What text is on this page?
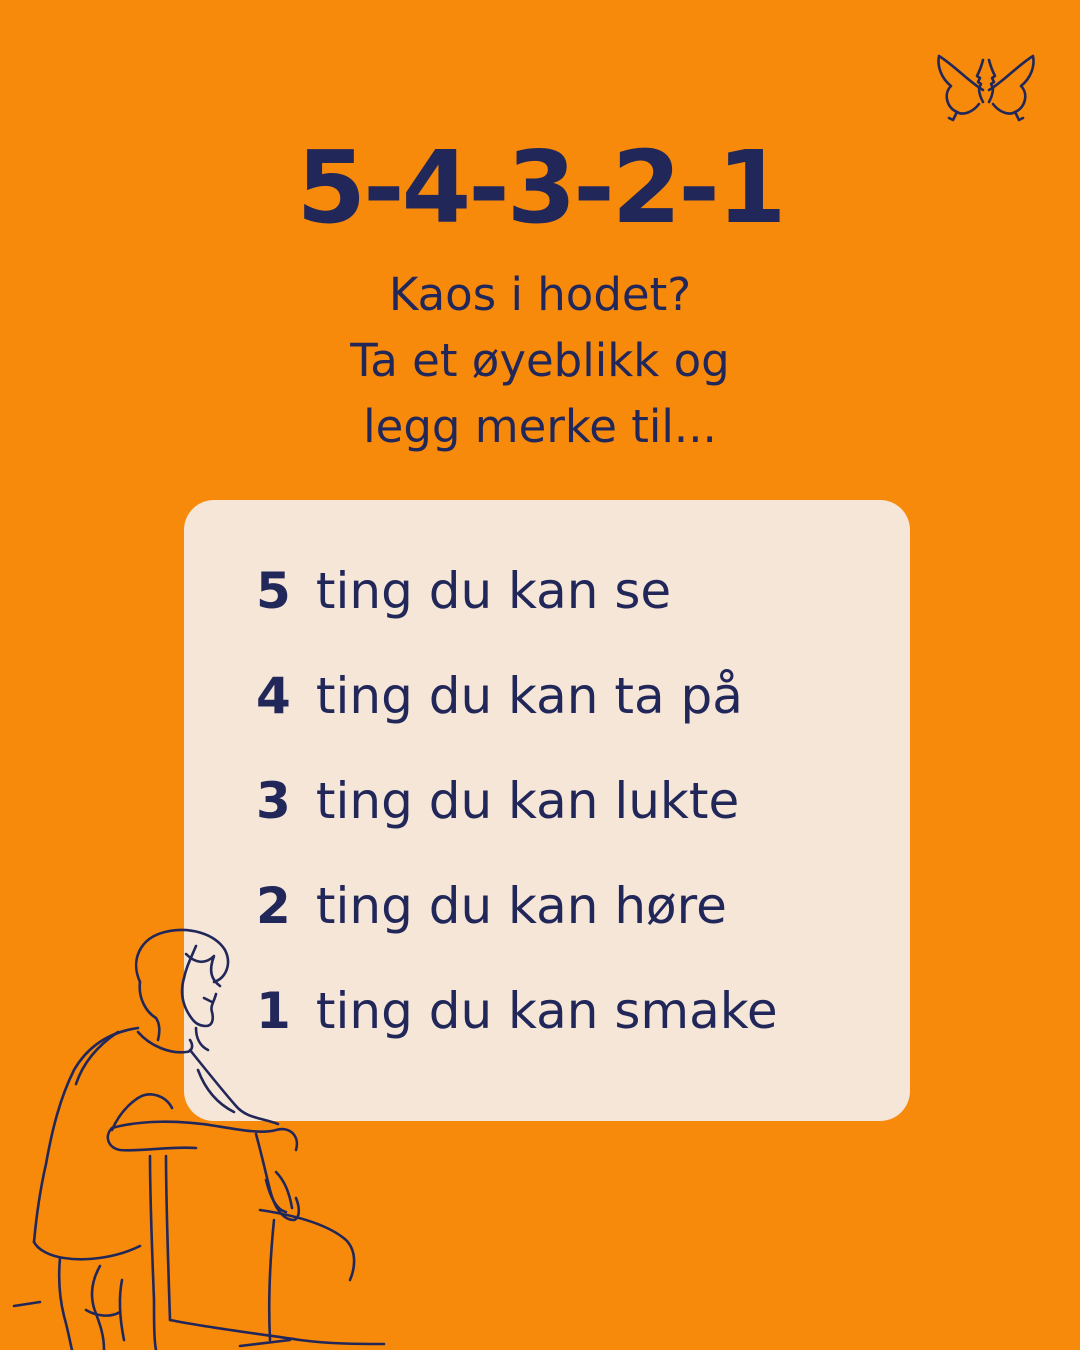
5-4-3-2-1
Kaos i hodet?
Ta et øyeblikk og
legg merke til...
5 ting du kan se
4 ting du kan ta på
3 ting du kan lukte
2 ting du kan høre
1 ting du kan smake
